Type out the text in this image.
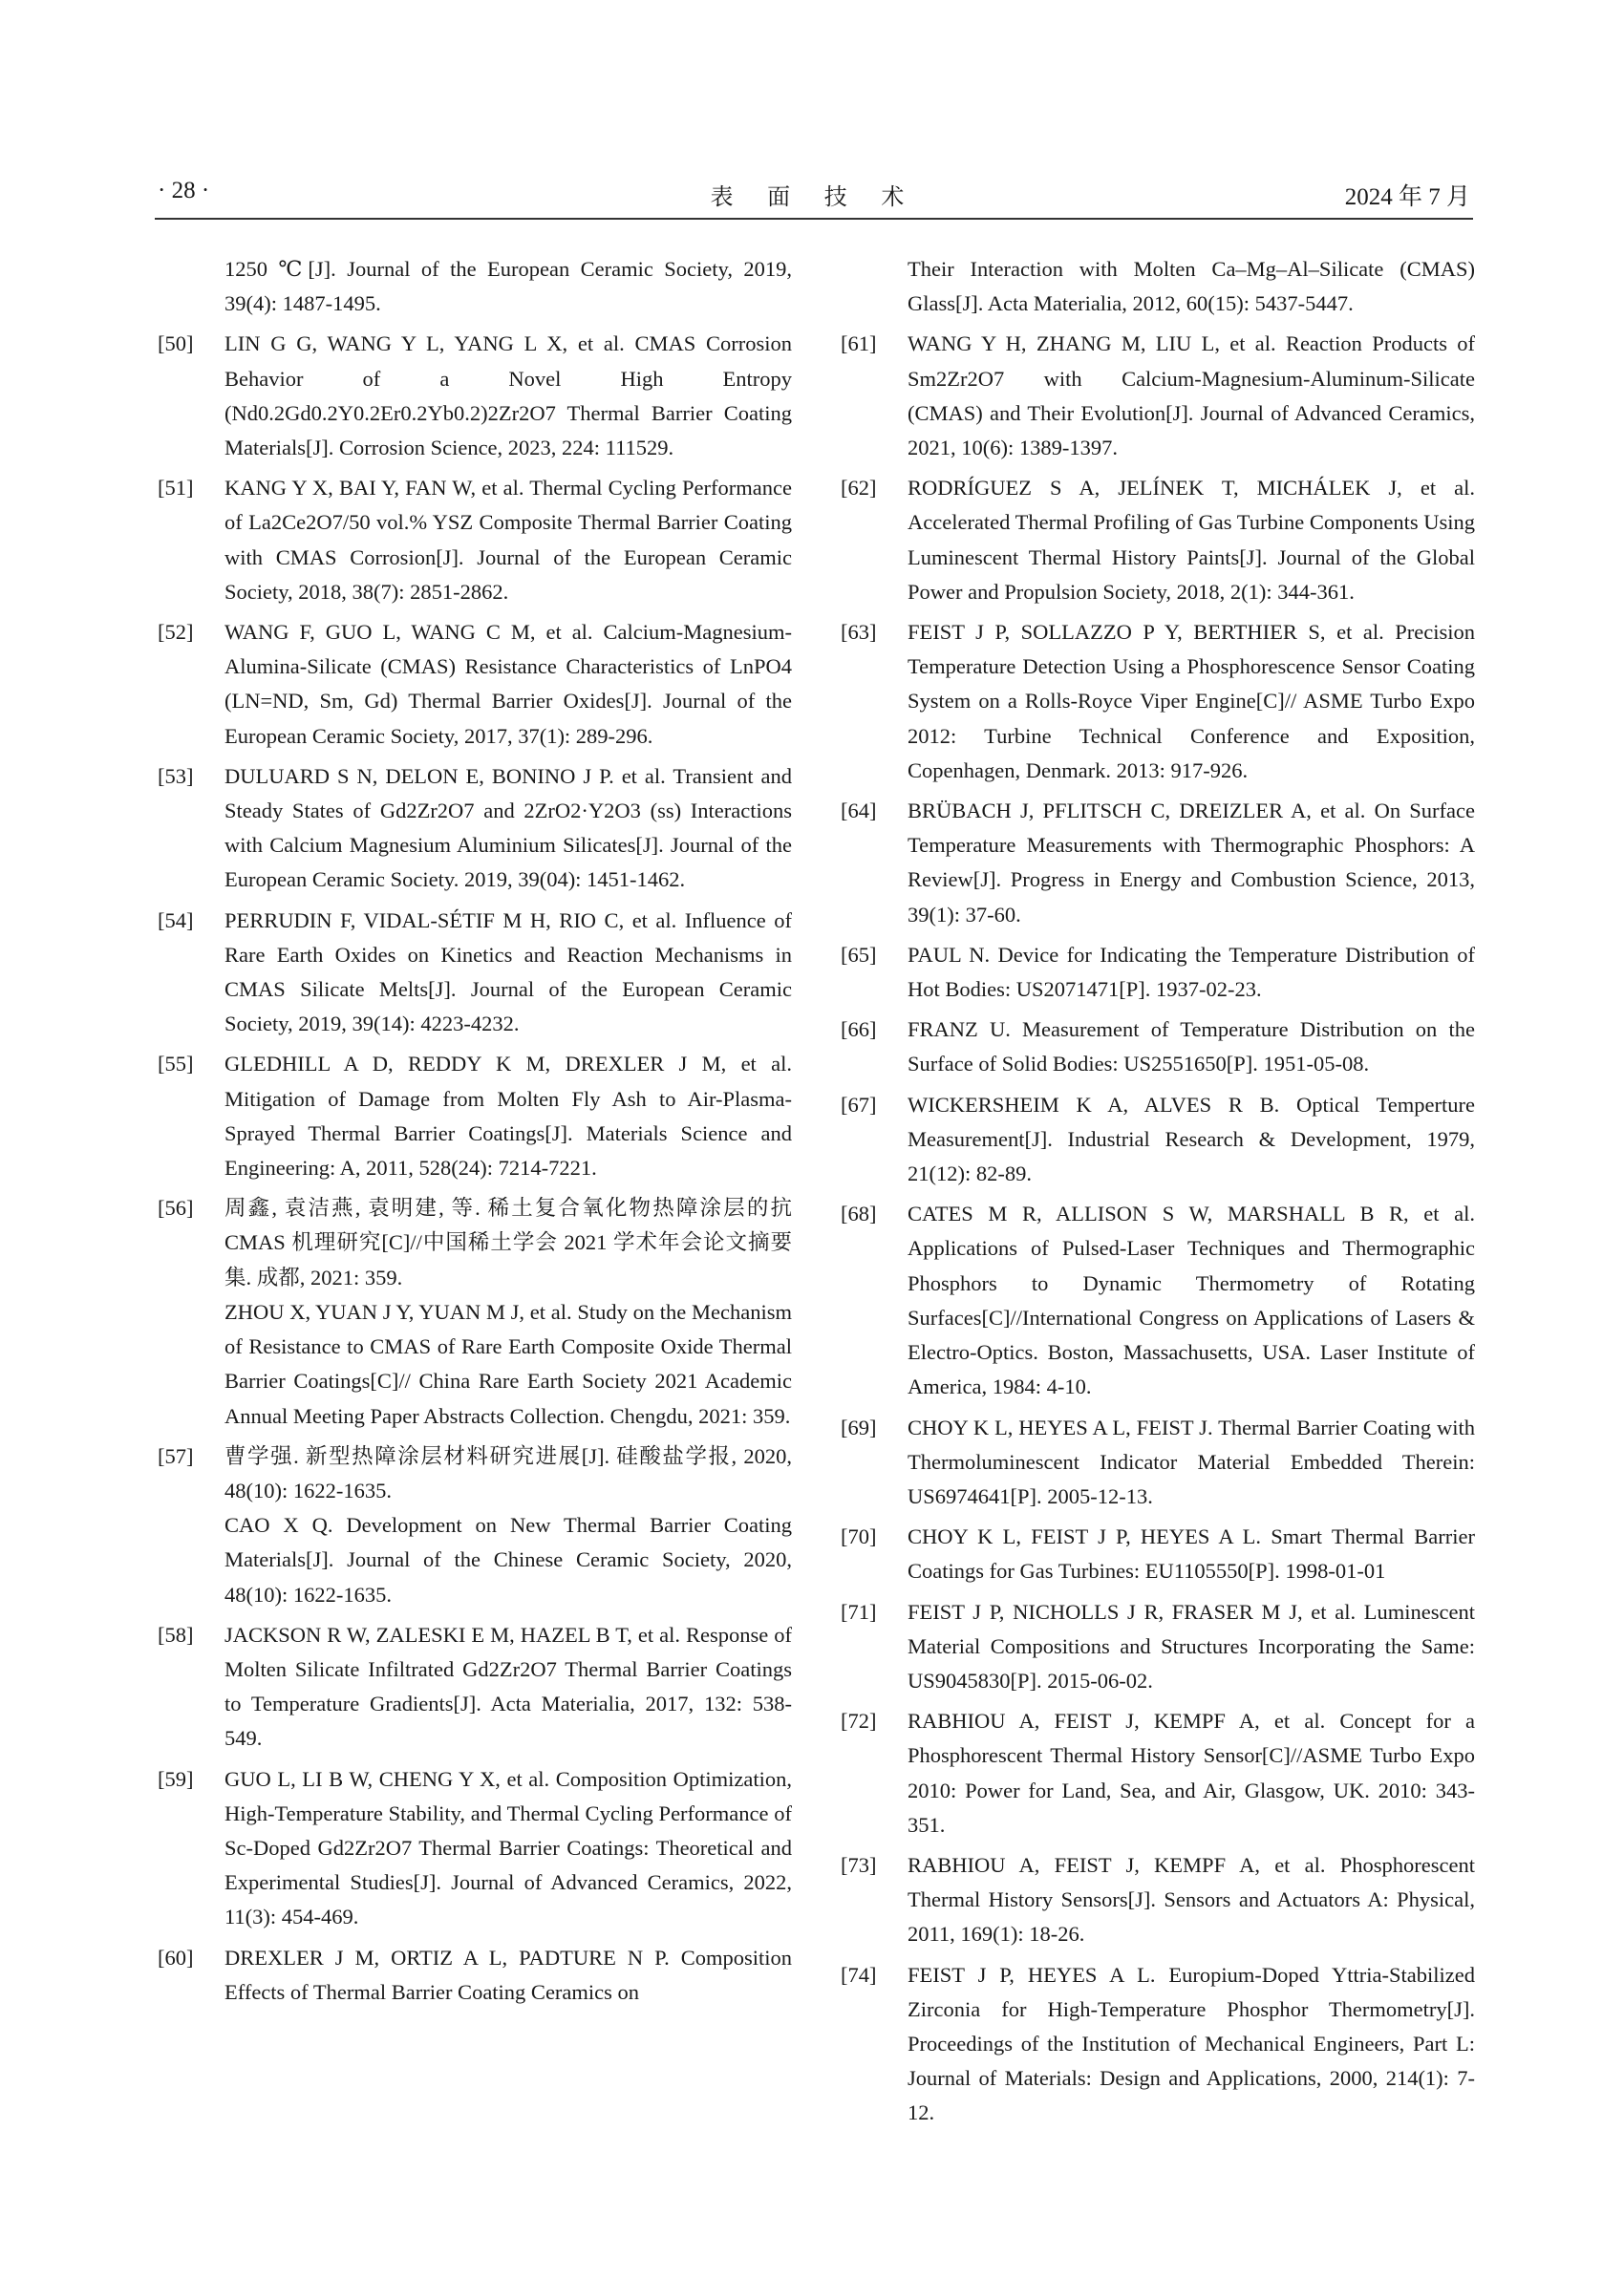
· 28 ·	表 面 技 术	2024 年 7 月
1250 ℃[J]. Journal of the European Ceramic Society, 2019, 39(4): 1487-1495.
[50] LIN G G, WANG Y L, YANG L X, et al. CMAS Corrosion Behavior of a Novel High Entropy (Nd0.2Gd0.2Y0.2Er0.2Yb0.2)2Zr2O7 Thermal Barrier Coating Materials[J]. Corrosion Science, 2023, 224: 111529.
[51] KANG Y X, BAI Y, FAN W, et al. Thermal Cycling Performance of La2Ce2O7/50 vol.% YSZ Composite Thermal Barrier Coating with CMAS Corrosion[J]. Journal of the European Ceramic Society, 2018, 38(7): 2851-2862.
[52] WANG F, GUO L, WANG C M, et al. Calcium-Magnesium-Alumina-Silicate (CMAS) Resistance Characteristics of LnPO4 (LN=ND, Sm, Gd) Thermal Barrier Oxides[J]. Journal of the European Ceramic Society, 2017, 37(1): 289-296.
[53] DULUARD S N, DELON E, BONINO J P. et al. Transient and Steady States of Gd2Zr2O7 and 2ZrO2·Y2O3 (ss) Interactions with Calcium Magnesium Aluminium Silicates[J]. Journal of the European Ceramic Society. 2019, 39(04): 1451-1462.
[54] PERRUDIN F, VIDAL-SÉTIF M H, RIO C, et al. Influence of Rare Earth Oxides on Kinetics and Reaction Mechanisms in CMAS Silicate Melts[J]. Journal of the European Ceramic Society, 2019, 39(14): 4223-4232.
[55] GLEDHILL A D, REDDY K M, DREXLER J M, et al. Mitigation of Damage from Molten Fly Ash to Air-Plasma-Sprayed Thermal Barrier Coatings[J]. Materials Science and Engineering: A, 2011, 528(24): 7214-7221.
[56] 周鑫, 袁洁燕, 袁明建, 等. 稀土复合氧化物热障涂层的抗 CMAS 机理研究[C]//中国稀土学会 2021 学术年会论文摘要集. 成都, 2021: 359.
ZHOU X, YUAN J Y, YUAN M J, et al. Study on the Mechanism of Resistance to CMAS of Rare Earth Composite Oxide Thermal Barrier Coatings[C]// China Rare Earth Society 2021 Academic Annual Meeting Paper Abstracts Collection. Chengdu, 2021: 359.
[57] 曹学强. 新型热障涂层材料研究进展[J]. 硅酸盐学报, 2020, 48(10): 1622-1635.
CAO X Q. Development on New Thermal Barrier Coating Materials[J]. Journal of the Chinese Ceramic Society, 2020, 48(10): 1622-1635.
[58] JACKSON R W, ZALESKI E M, HAZEL B T, et al. Response of Molten Silicate Infiltrated Gd2Zr2O7 Thermal Barrier Coatings to Temperature Gradients[J]. Acta Materialia, 2017, 132: 538-549.
[59] GUO L, LI B W, CHENG Y X, et al. Composition Optimization, High-Temperature Stability, and Thermal Cycling Performance of Sc-Doped Gd2Zr2O7 Thermal Barrier Coatings: Theoretical and Experimental Studies[J]. Journal of Advanced Ceramics, 2022, 11(3): 454-469.
[60] DREXLER J M, ORTIZ A L, PADTURE N P. Composition Effects of Thermal Barrier Coating Ceramics on
Their Interaction with Molten Ca–Mg–Al–Silicate (CMAS) Glass[J]. Acta Materialia, 2012, 60(15): 5437-5447.
[61] WANG Y H, ZHANG M, LIU L, et al. Reaction Products of Sm2Zr2O7 with Calcium-Magnesium-Aluminum-Silicate (CMAS) and Their Evolution[J]. Journal of Advanced Ceramics, 2021, 10(6): 1389-1397.
[62] RODRÍGUEZ S A, JELÍNEK T, MICHÁLEK J, et al. Accelerated Thermal Profiling of Gas Turbine Components Using Luminescent Thermal History Paints[J]. Journal of the Global Power and Propulsion Society, 2018, 2(1): 344-361.
[63] FEIST J P, SOLLAZZO P Y, BERTHIER S, et al. Precision Temperature Detection Using a Phosphorescence Sensor Coating System on a Rolls-Royce Viper Engine[C]// ASME Turbo Expo 2012: Turbine Technical Conference and Exposition, Copenhagen, Denmark. 2013: 917-926.
[64] BRÜBACH J, PFLITSCH C, DREIZLER A, et al. On Surface Temperature Measurements with Thermographic Phosphors: A Review[J]. Progress in Energy and Combustion Science, 2013, 39(1): 37-60.
[65] PAUL N. Device for Indicating the Temperature Distribution of Hot Bodies: US2071471[P]. 1937-02-23.
[66] FRANZ U. Measurement of Temperature Distribution on the Surface of Solid Bodies: US2551650[P]. 1951-05-08.
[67] WICKERSHEIM K A, ALVES R B. Optical Temperture Measurement[J]. Industrial Research & Development, 1979, 21(12): 82-89.
[68] CATES M R, ALLISON S W, MARSHALL B R, et al. Applications of Pulsed-Laser Techniques and Thermographic Phosphors to Dynamic Thermometry of Rotating Surfaces[C]//International Congress on Applications of Lasers & Electro-Optics. Boston, Massachusetts, USA. Laser Institute of America, 1984: 4-10.
[69] CHOY K L, HEYES A L, FEIST J. Thermal Barrier Coating with Thermoluminescent Indicator Material Embedded Therein: US6974641[P]. 2005-12-13.
[70] CHOY K L, FEIST J P, HEYES A L. Smart Thermal Barrier Coatings for Gas Turbines: EU1105550[P]. 1998-01-01
[71] FEIST J P, NICHOLLS J R, FRASER M J, et al. Luminescent Material Compositions and Structures Incorporating the Same: US9045830[P]. 2015-06-02.
[72] RABHIOU A, FEIST J, KEMPF A, et al. Concept for a Phosphorescent Thermal History Sensor[C]//ASME Turbo Expo 2010: Power for Land, Sea, and Air, Glasgow, UK. 2010: 343-351.
[73] RABHIOU A, FEIST J, KEMPF A, et al. Phosphorescent Thermal History Sensors[J]. Sensors and Actuators A: Physical, 2011, 169(1): 18-26.
[74] FEIST J P, HEYES A L. Europium-Doped Yttria-Stabilized Zirconia for High-Temperature Phosphor Thermometry[J]. Proceedings of the Institution of Mechanical Engineers, Part L: Journal of Materials: Design and Applications, 2000, 214(1): 7-12.
